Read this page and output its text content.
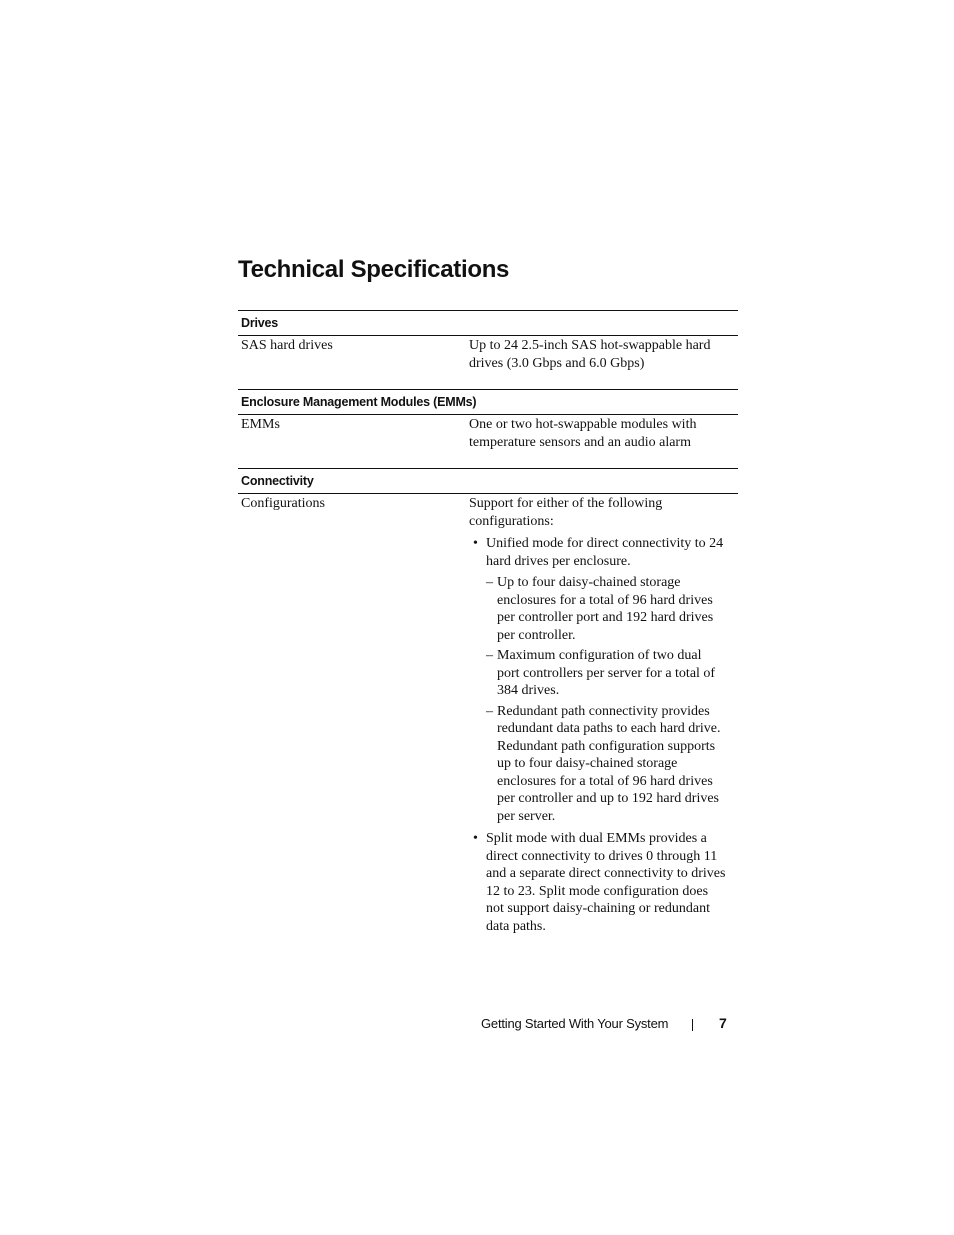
Technical Specifications
Drives
SAS hard drives	Up to 24 2.5-inch SAS hot-swappable hard drives (3.0 Gbps and 6.0 Gbps)
Enclosure Management Modules (EMMs)
EMMs	One or two hot-swappable modules with temperature sensors and an audio alarm
Connectivity
Configurations	Support for either of the following configurations:

• Unified mode for direct connectivity to 24 hard drives per enclosure.
– Up to four daisy-chained storage enclosures for a total of 96 hard drives per controller port and 192 hard drives per controller.
– Maximum configuration of two dual port controllers per server for a total of 384 drives.
– Redundant path connectivity provides redundant data paths to each hard drive. Redundant path configuration supports up to four daisy-chained storage enclosures for a total of 96 hard drives per controller and up to 192 hard drives per server.
• Split mode with dual EMMs provides a direct connectivity to drives 0 through 11 and a separate direct connectivity to drives 12 to 23. Split mode configuration does not support daisy-chaining or redundant data paths.
Getting Started With Your System	7
